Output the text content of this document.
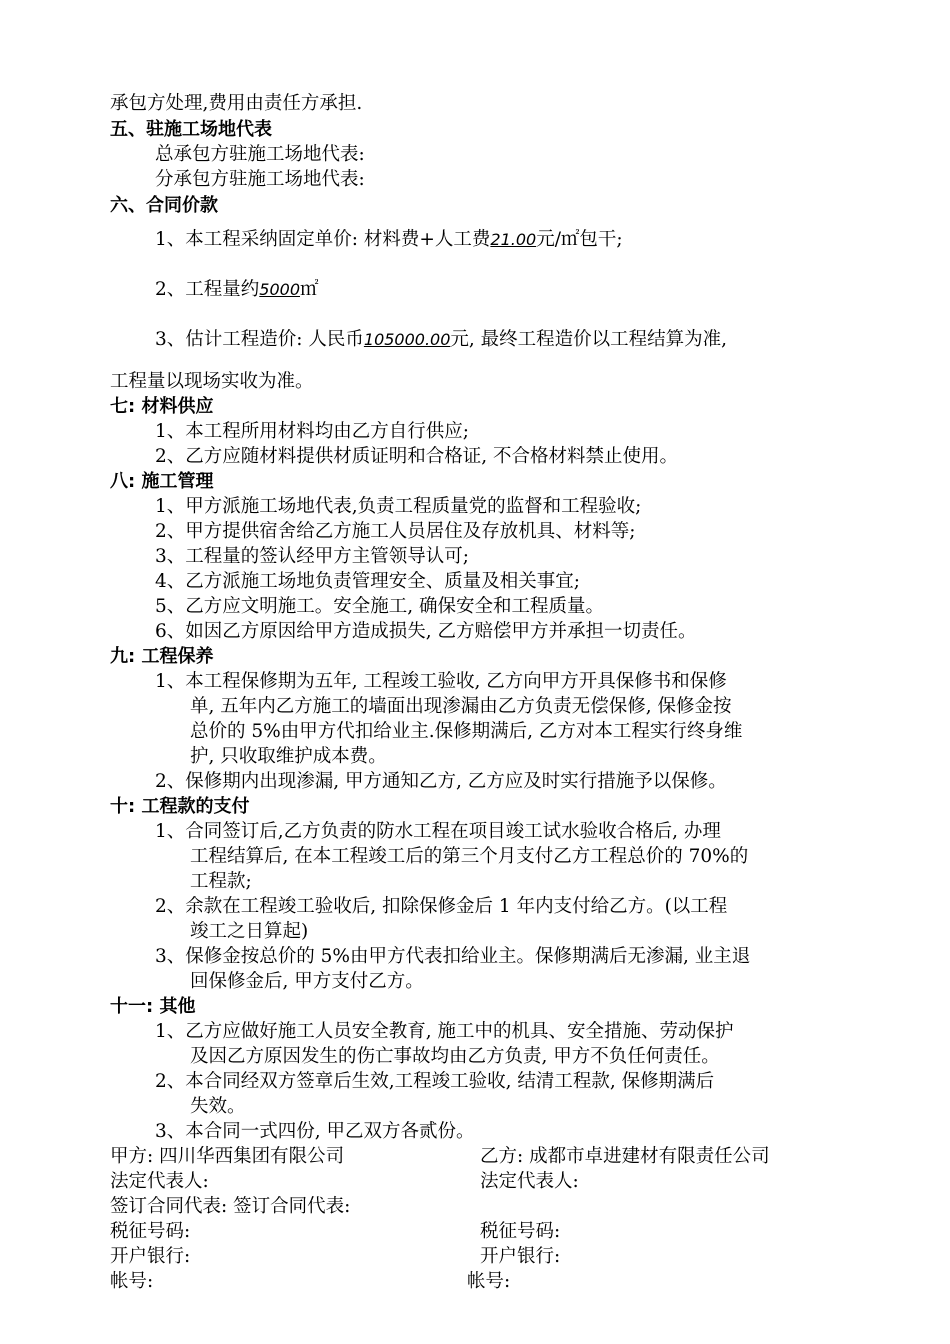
承包方处理,费用由责任方承担.
五、驻施工场地代表
总承包方驻施工场地代表:
分承包方驻施工场地代表:
六、合同价款
1、本工程采纳固定单价: 材料费+人工费21.00元/㎡包干;
2、工程量约5000㎡
3、估计工程造价: 人民币105000.00元, 最终工程造价以工程结算为准,
工程量以现场实收为准。
七: 材料供应
1、本工程所用材料均由乙方自行供应;
2、乙方应随材料提供材质证明和合格证, 不合格材料禁止使用。
八: 施工管理
1、甲方派施工场地代表,负责工程质量党的监督和工程验收;
2、甲方提供宿舍给乙方施工人员居住及存放机具、材料等;
3、工程量的签认经甲方主管领导认可;
4、乙方派施工场地负责管理安全、质量及相关事宜;
5、乙方应文明施工。安全施工, 确保安全和工程质量。
6、如因乙方原因给甲方造成损失, 乙方赔偿甲方并承担一切责任。
九: 工程保养
1、本工程保修期为五年, 工程竣工验收, 乙方向甲方开具保修书和保修
单, 五年内乙方施工的墙面出现渗漏由乙方负责无偿保修, 保修金按
总价的 5%由甲方代扣给业主.保修期满后, 乙方对本工程实行终身维
护, 只收取维护成本费。
2、保修期内出现渗漏, 甲方通知乙方, 乙方应及时实行措施予以保修。
十: 工程款的支付
1、合同签订后,乙方负责的防水工程在项目竣工试水验收合格后, 办理
工程结算后, 在本工程竣工后的第三个月支付乙方工程总价的 70%的
工程款;
2、余款在工程竣工验收后, 扣除保修金后 1 年内支付给乙方。(以工程
竣工之日算起)
3、保修金按总价的 5%由甲方代表扣给业主。保修期满后无渗漏, 业主退
回保修金后, 甲方支付乙方。
十一: 其他
1、乙方应做好施工人员安全教育, 施工中的机具、安全措施、劳动保护
及因乙方原因发生的伤亡事故均由乙方负责, 甲方不负任何责任。
2、本合同经双方签章后生效,工程竣工验收, 结清工程款, 保修期满后
失效。
3、本合同一式四份, 甲乙双方各贰份。
甲方: 四川华西集团有限公司	乙方: 成都市卓进建材有限责任公司
法定代表人:	法定代表人:
签订合同代表: 签订合同代表:
税征号码:	税征号码:
开户银行:	开户银行:
帐号:	帐号:
